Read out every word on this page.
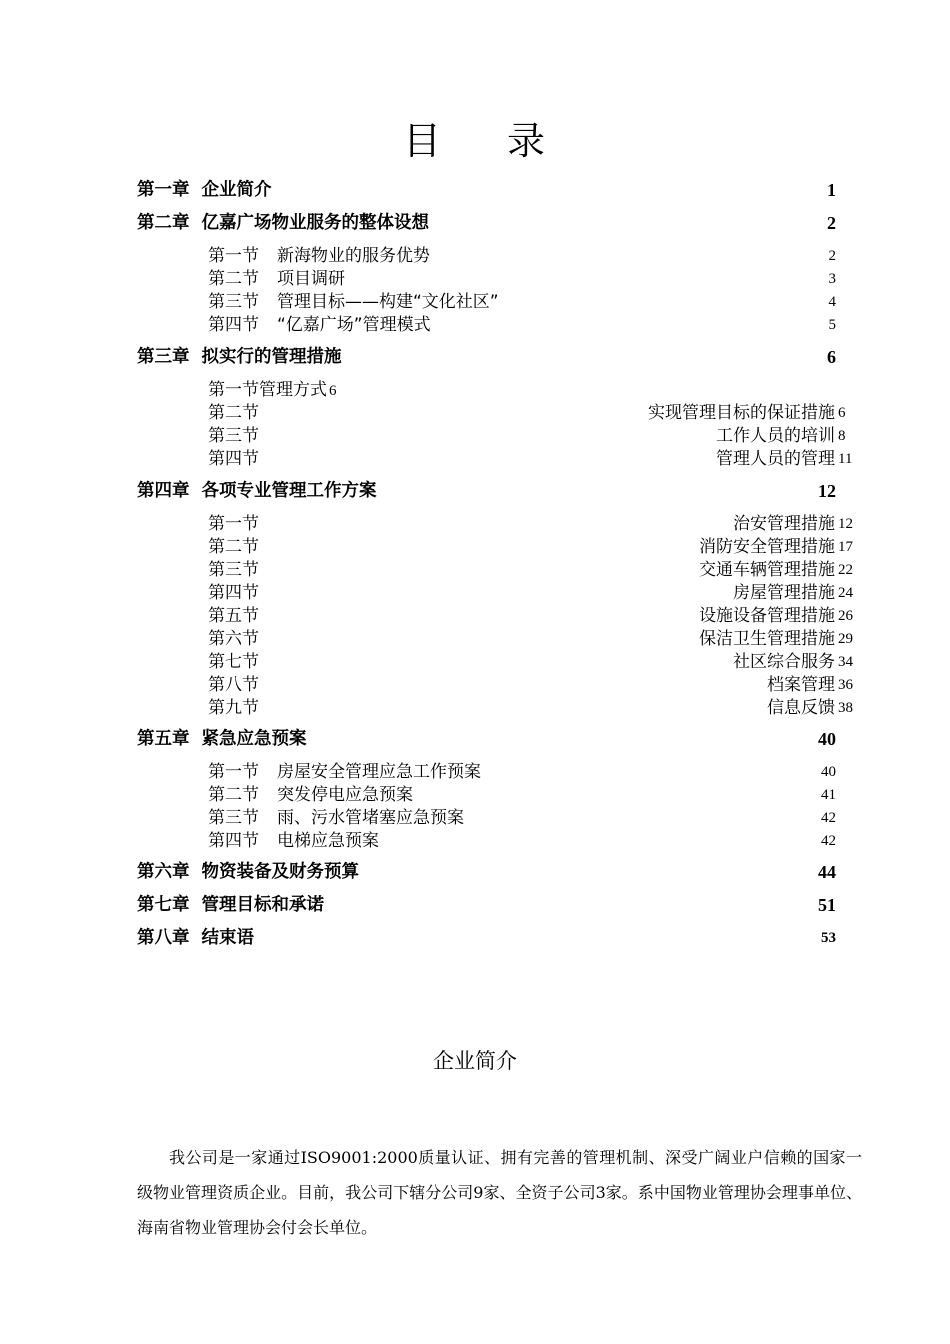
目 录
第一章 企业简介	1
第二章 亿嘉广场物业服务的整体设想	2
第一节 新海物业的服务优势	2
第二节 项目调研	3
第三节 管理目标——构建“文化社区”	4
第四节 “亿嘉广场”管理模式	5
第三章 拟实行的管理措施	6
第一节管理方式 6
第二节	实现管理目标的保证措施 6
第三节	工作人员的培训 8
第四节	管理人员的管理 11
第四章 各项专业管理工作方案	12
第一节	治安管理措施 12
第二节	消防安全管理措施 17
第三节	交通车辆管理措施 22
第四节	房屋管理措施 24
第五节	设施设备管理措施 26
第六节	保洁卫生管理措施 29
第七节	社区综合服务 34
第八节	档案管理 36
第九节	信息反馈 38
第五章 紧急应急预案	40
第一节 房屋安全管理应急工作预案	40
第二节 突发停电应急预案	41
第三节 雨、污水管堵塞应急预案	42
第四节 电梯应急预案	42
第六章 物资装备及财务预算	44
第七章 管理目标和承诺	51
第八章 结束语	53
企业简介

我公司是一家通过ISO9001:2000质量认证、拥有完善的管理机制、深受广阔业户信赖的国家一级物业管理资质企业。目前，我公司下辖分公司9家、全资子公司3家。系中国物业管理协会理事单位、海南省物业管理协会付会长单位。
